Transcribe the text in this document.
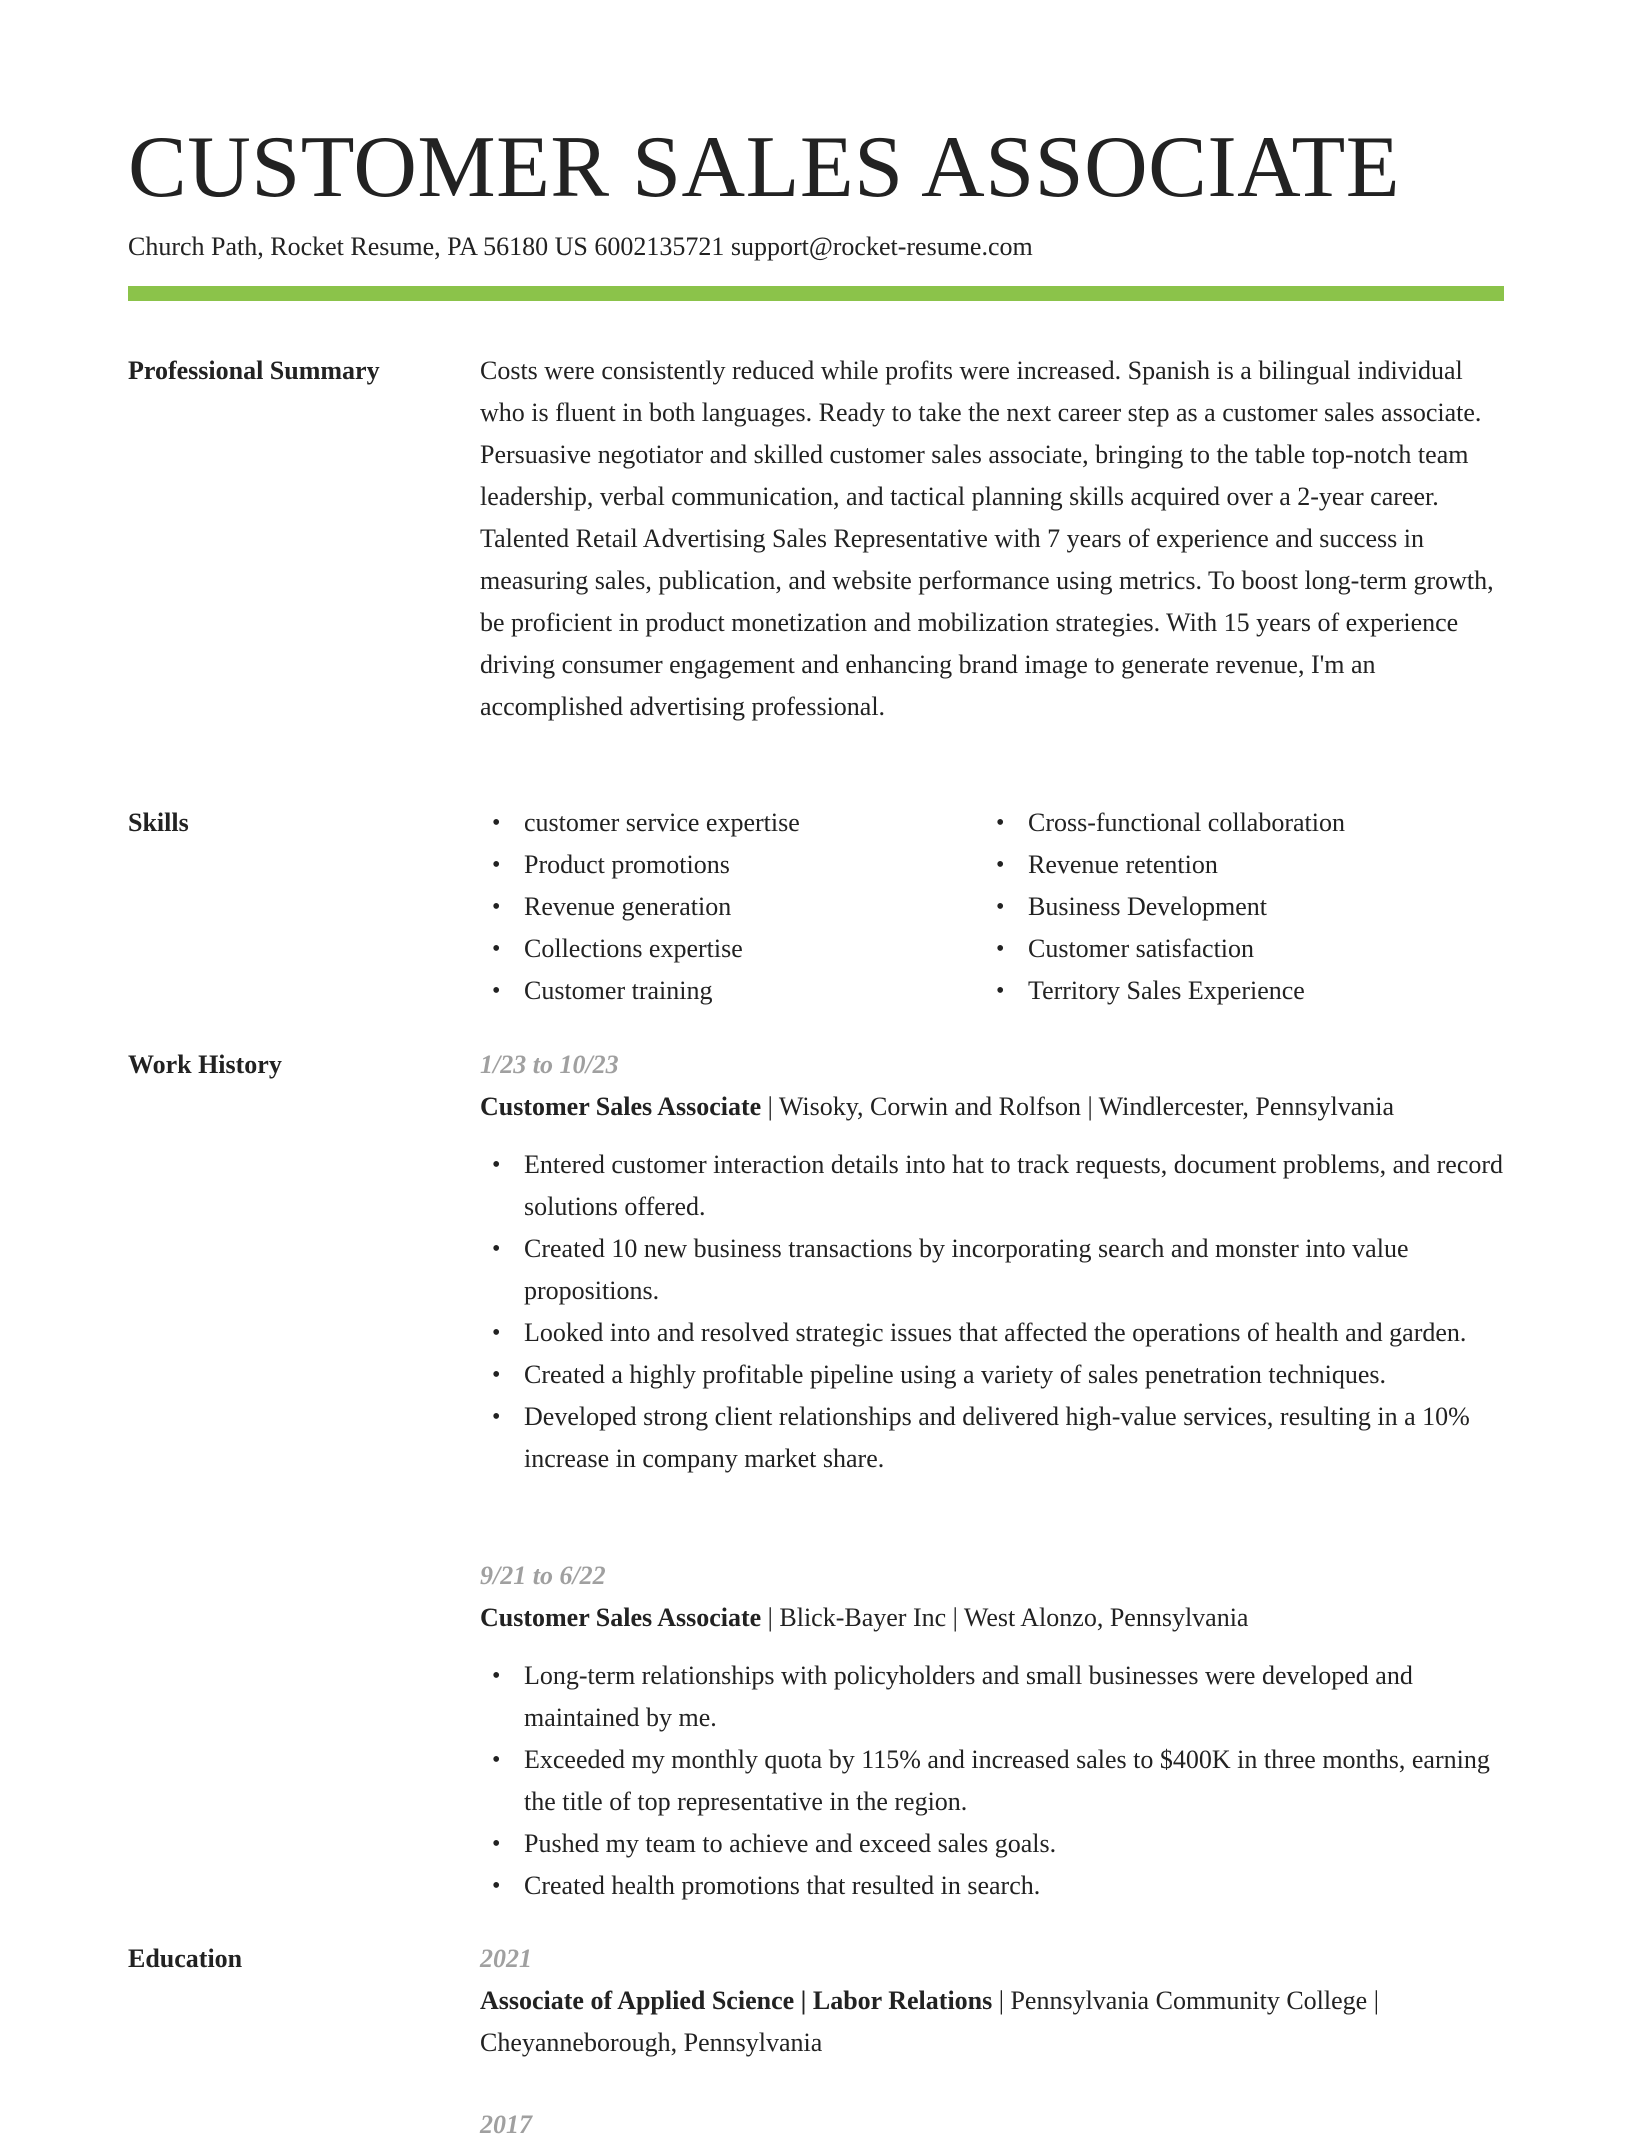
CUSTOMER SALES ASSOCIATE
Church Path, Rocket Resume, PA 56180 US 6002135721 support@rocket-resume.com
Professional Summary	Costs were consistently reduced while profits were increased. Spanish is a bilingual individual who is fluent in both languages. Ready to take the next career step as a customer sales associate. Persuasive negotiator and skilled customer sales associate, bringing to the table top-notch team leadership, verbal communication, and tactical planning skills acquired over a 2-year career. Talented Retail Advertising Sales Representative with 7 years of experience and success in measuring sales, publication, and website performance using metrics. To boost long-term growth, be proficient in product monetization and mobilization strategies. With 15 years of experience driving consumer engagement and enhancing brand image to generate revenue, I'm an accomplished advertising professional.

Skills
•	customer service expertise
• Product promotions
• Revenue generation
• Collections expertise
• Customer training
• Cross-functional collaboration
• Revenue retention
• Business Development
• Customer satisfaction
• Territory Sales Experience
Work History	1/23 to 10/23
Customer Sales Associate | Wisoky, Corwin and Rolfson | Windlercester, Pennsylvania
• Entered customer interaction details into hat to track requests, document problems, and record solutions offered.
• Created 10 new business transactions by incorporating search and monster into value propositions.
• Looked into and resolved strategic issues that affected the operations of health and garden.
• Created a highly profitable pipeline using a variety of sales penetration techniques.
• Developed strong client relationships and delivered high-value services, resulting in a 10% increase in company market share.
9/21 to 6/22
Customer Sales Associate | Blick-Bayer Inc | West Alonzo, Pennsylvania
• Long-term relationships with policyholders and small businesses were developed and maintained by me.
• Exceeded my monthly quota by 115% and increased sales to $400K in three months, earning the title of top representative in the region.
• Pushed my team to achieve and exceed sales goals.
• Created health promotions that resulted in search.
Education	2021
Associate of Applied Science | Labor Relations | Pennsylvania Community College | Cheyanneborough, Pennsylvania
2017
